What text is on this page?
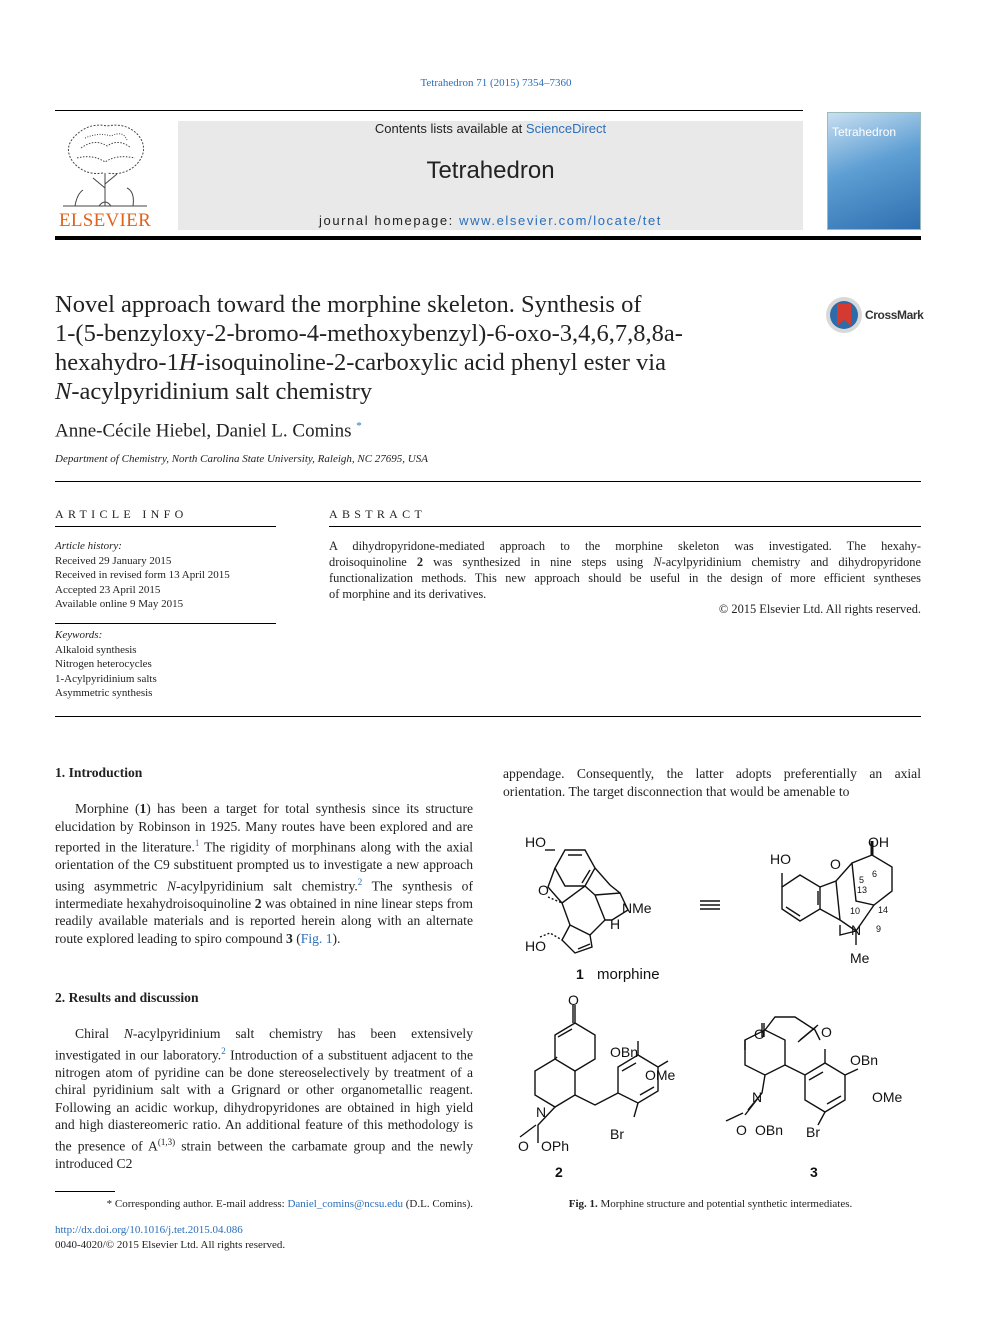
Tetrahedron 71 (2015) 7354–7360
ELSEVIER
Contents lists available at ScienceDirect
Tetrahedron
journal homepage: www.elsevier.com/locate/tet
Tetrahedron
Novel approach toward the morphine skeleton. Synthesis of
1-(5-benzyloxy-2-bromo-4-methoxybenzyl)-6-oxo-3,4,6,7,8,8a-
hexahydro-1H-isoquinoline-2-carboxylic acid phenyl ester via
N-acylpyridinium salt chemistry
CrossMark
Anne-Cécile Hiebel, Daniel L. Comins *
Department of Chemistry, North Carolina State University, Raleigh, NC 27695, USA
ARTICLE INFO
Article history:
Received 29 January 2015
Received in revised form 13 April 2015
Accepted 23 April 2015
Available online 9 May 2015
Keywords:
Alkaloid synthesis
Nitrogen heterocycles
1-Acylpyridinium salts
Asymmetric synthesis
ABSTRACT
A dihydropyridone-mediated approach to the morphine skeleton was investigated. The hexahy-
droisoquinoline 2 was synthesized in nine steps using N-acylpyridinium chemistry and dihydropyridone
functionalization methods. This new approach should be useful in the design of more efficient syntheses
of morphine and its derivatives.
© 2015 Elsevier Ltd. All rights reserved.
1. Introduction
Morphine (1) has been a target for total synthesis since its structure elucidation by Robinson in 1925. Many routes have been explored and are reported in the literature.$^1$ The rigidity of morphinans along with the axial orientation of the C9 substituent prompted us to investigate a new approach using asymmetric N-acylpyridinium salt chemistry.$^2$ The synthesis of intermediate hexahydroisoquinoline 2 was obtained in nine linear steps from readily available materials and is reported herein along with an alternate route explored leading to spiro compound 3 (Fig. 1).
2. Results and discussion
Chiral N-acylpyridinium salt chemistry has been extensively investigated in our laboratory.$^2$ Introduction of a substituent adjacent to the nitrogen atom of pyridine can be done stereoselectively by treatment of a chiral pyridinium salt with a Grignard or other organometallic reagent. Following an acidic workup, dihydropyridones are obtained in high yield and high diastereomeric ratio. An additional feature of this methodology is the presence of A$^{(1,3)}$ strain between the carbamate group and the newly introduced C2
appendage. Consequently, the latter adopts preferentially an axial orientation. The target disconnection that would be amenable to
HO
O
NMe
H
HO
1 morphine
HO	O
OH
N
Me
5
6
13
10 14
9
O
OBn
OMe
N
O OPh
Br
2
O	O
OBn
OMe
N
O OBn Br
3
Fig. 1. Morphine structure and potential synthetic intermediates.
* Corresponding author. E-mail address: Daniel_comins@ncsu.edu (D.L. Comins).
http://dx.doi.org/10.1016/j.tet.2015.04.086
0040-4020/© 2015 Elsevier Ltd. All rights reserved.
